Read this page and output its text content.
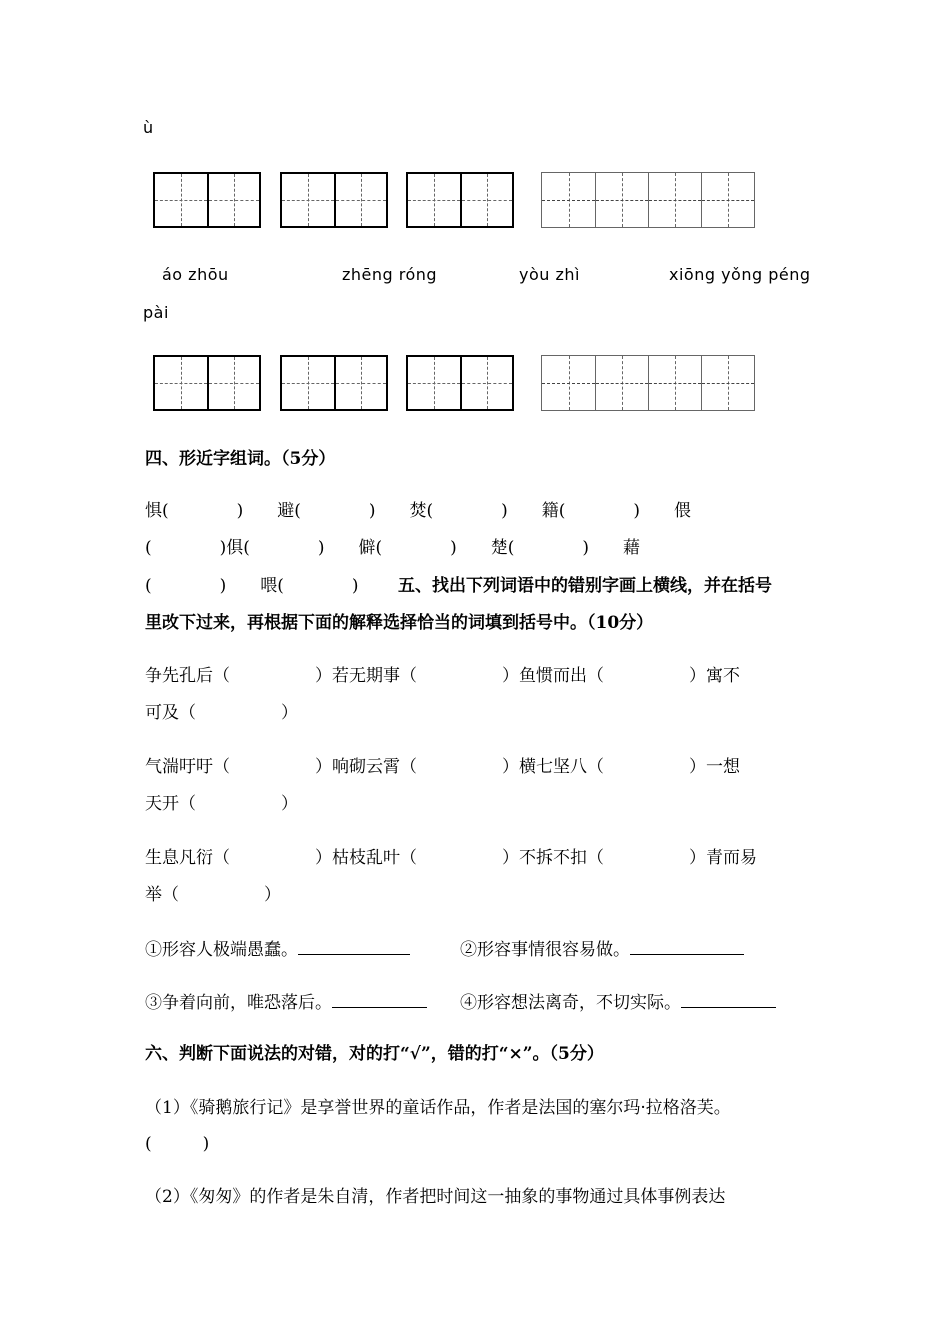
ù
áo zhōu	zhēng róng	yòu zhì	xiōng yǒng péng
pài
四、形近字组词。（5分）
惧(　　　　)　　避(　　　　)　　焚(　　　　)　　籍(　　　　)　　偎
(　　　　)俱(　　　　)　　僻(　　　　)　　楚(　　　　)　　藉
(　　　　)　　喂(　　　　) 五、找出下列词语中的错别字画上横线，并在括号
里改下过来，再根据下面的解释选择恰当的词填到括号中。（10分）
争先孔后（　　　　　）若无期事（　　　　　）鱼惯而出（　　　　　）寓不
可及（　　　　　）
气湍吁吁（　　　　　）响砌云霄（　　　　　）横七坚八（　　　　　）一想
天开（　　　　　）
生息凡衍（　　　　　）枯枝乱叶（　　　　　）不拆不扣（　　　　　）青而易
举（　　　　　）
①形容人极端愚蠢。	②形容事情很容易做。
③争着向前，唯恐落后。	④形容想法离奇，不切实际。
六、判断下面说法的对错，对的打“√”，错的打“×”。（5分）
（1）《骑鹅旅行记》是享誉世界的童话作品，作者是法国的塞尔玛·拉格洛芙。
(　　　)
（2）《匆匆》的作者是朱自清，作者把时间这一抽象的事物通过具体事例表达
